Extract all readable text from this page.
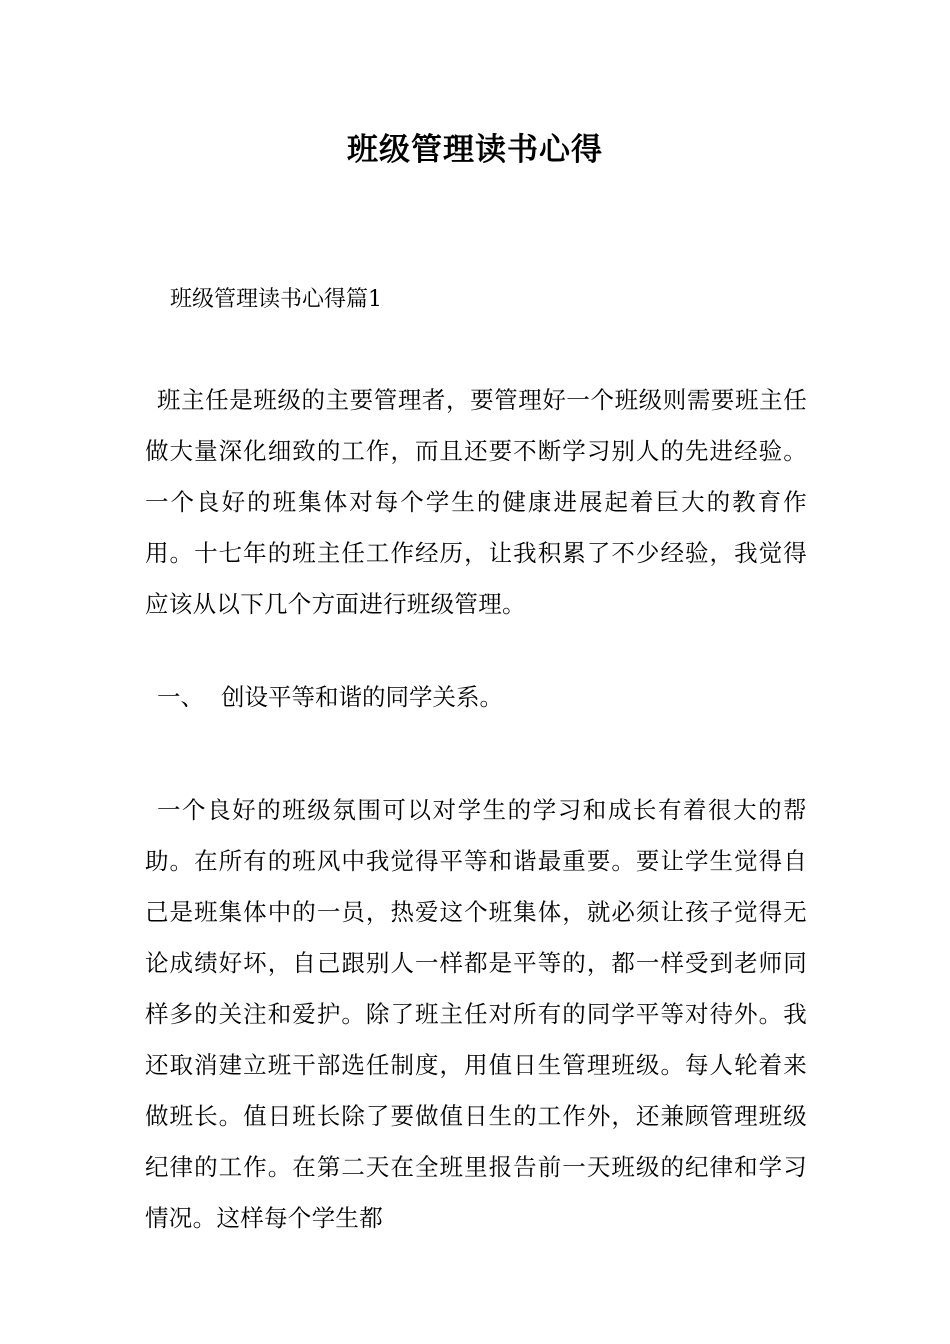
班级管理读书心得

班级管理读书心得篇1

班主任是班级的主要管理者，要管理好一个班级则需要班主任做大量深化细致的工作，而且还要不断学习别人的先进经验。一个良好的班集体对每个学生的健康进展起着巨大的教育作用。十七年的班主任工作经历，让我积累了不少经验，我觉得应该从以下几个方面进行班级管理。

一、 创设平等和谐的同学关系。

一个良好的班级氛围可以对学生的学习和成长有着很大的帮助。在所有的班风中我觉得平等和谐最重要。要让学生觉得自己是班集体中的一员，热爱这个班集体，就必须让孩子觉得无论成绩好坏，自己跟别人一样都是平等的，都一样受到老师同样多的关注和爱护。除了班主任对所有的同学平等对待外。我还取消建立班干部选任制度，用值日生管理班级。每人轮着来做班长。值日班长除了要做值日生的工作外，还兼顾管理班级纪律的工作。在第二天在全班里报告前一天班级的纪律和学习情况。这样每个学生都
